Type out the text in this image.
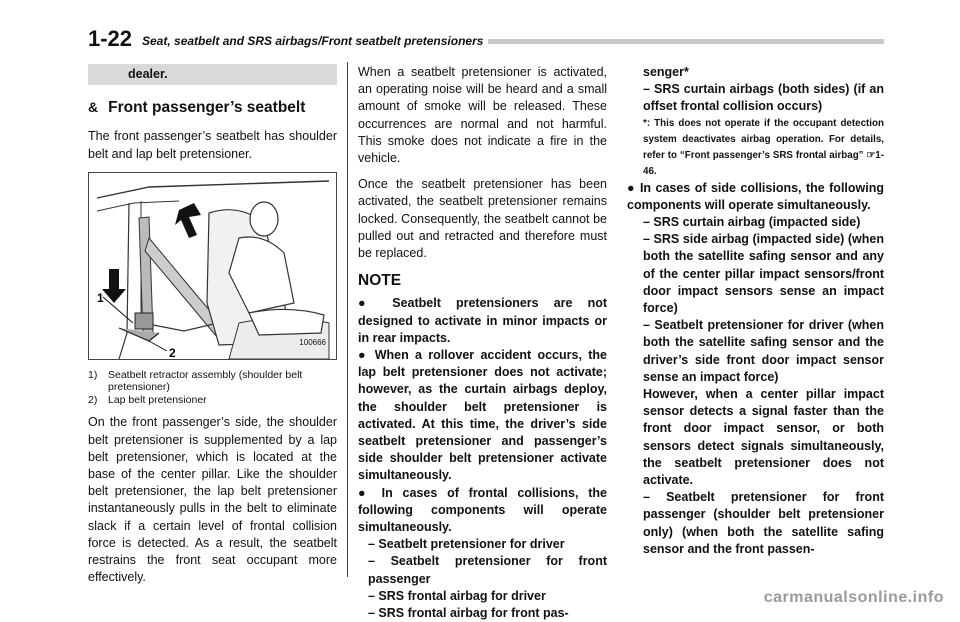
1-22 Seat, seatbelt and SRS airbags/Front seatbelt pretensioners
dealer.
& Front passenger’s seatbelt

The front passenger’s seatbelt has shoulder belt and lap belt pretensioner.

1
2
100666
1)	Seatbelt retractor assembly (shoulder belt pretensioner)
2)	Lap belt pretensioner

On the front passenger’s side, the shoulder belt pretensioner is supplemented by a lap belt pretensioner, which is located at the base of the center pillar. Like the shoulder belt pretensioner, the lap belt pretensioner instantaneously pulls in the belt to eliminate slack if a certain level of frontal collision force is detected. As a result, the seatbelt restrains the front seat occupant more effectively.

When a seatbelt pretensioner is activated, an operating noise will be heard and a small amount of smoke will be released. These occurrences are normal and not harmful. This smoke does not indicate a fire in the vehicle.

Once the seatbelt pretensioner has been activated, the seatbelt pretensioner remains locked. Consequently, the seatbelt cannot be pulled out and retracted and therefore must be replaced.

NOTE
● Seatbelt pretensioners are not designed to activate in minor impacts or in rear impacts.
● When a rollover accident occurs, the lap belt pretensioner does not activate; however, as the curtain airbags deploy, the shoulder belt pretensioner is activated. At this time, the driver’s side seatbelt pretensioner and passenger’s side shoulder belt pretensioner activate simultaneously.
● In cases of frontal collisions, the following components will operate simultaneously.
– Seatbelt pretensioner for driver
– Seatbelt pretensioner for front passenger
– SRS frontal airbag for driver
– SRS frontal airbag for front pas-
senger*
– SRS curtain airbags (both sides) (if an offset frontal collision occurs)
*: This does not operate if the occupant detection system deactivates airbag operation. For details, refer to “Front passenger’s SRS frontal airbag” ☞1-46.
● In cases of side collisions, the following components will operate simultaneously.
– SRS curtain airbag (impacted side)
– SRS side airbag (impacted side) (when both the satellite safing sensor and any of the center pillar impact sensors/front door impact sensors sense an impact force)
– Seatbelt pretensioner for driver (when both the satellite safing sensor and the driver’s side front door impact sensor sense an impact force)
However, when a center pillar impact sensor detects a signal faster than the front door impact sensor, or both sensors detect signals simultaneously, the seatbelt pretensioner does not activate.
– Seatbelt pretensioner for front passenger (shoulder belt pretensioner only) (when both the satellite safing sensor and the front passen-
carmanualsonline.info
